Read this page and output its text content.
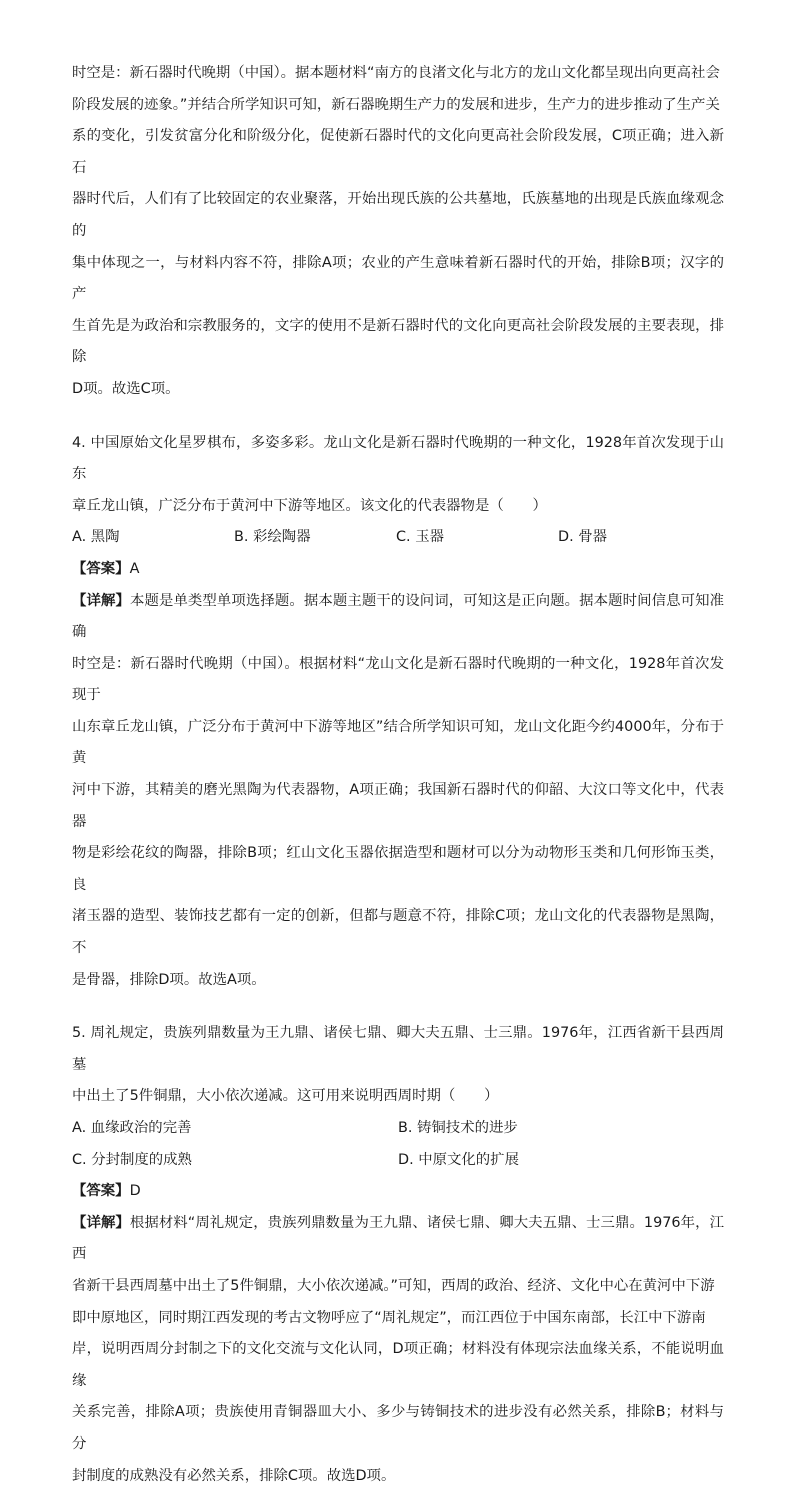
时空是：新石器时代晚期（中国）。据本题材料“南方的良渚文化与北方的龙山文化都呈现出向更高社会

阶段发展的迹象。”并结合所学知识可知，新石器晚期生产力的发展和进步，生产力的进步推动了生产关

系的变化，引发贫富分化和阶级分化，促使新石器时代的文化向更高社会阶段发展，C项正确；进入新石

器时代后，人们有了比较固定的农业聚落，开始出现氏族的公共墓地，氏族墓地的出现是氏族血缘观念的

集中体现之一，与材料内容不符，排除A项；农业的产生意味着新石器时代的开始，排除B项；汉字的产

生首先是为政治和宗教服务的，文字的使用不是新石器时代的文化向更高社会阶段发展的主要表现，排除

D项。故选C项。

4. 中国原始文化星罗棋布，多姿多彩。龙山文化是新石器时代晚期的一种文化，1928年首次发现于山东

章丘龙山镇，广泛分布于黄河中下游等地区。该文化的代表器物是（　　）

A. 黑陶	B. 彩绘陶器	C. 玉器	D. 骨器

【答案】A

【详解】本题是单类型单项选择题。据本题主题干的设问词，可知这是正向题。据本题时间信息可知准确

时空是：新石器时代晚期（中国）。根据材料“龙山文化是新石器时代晚期的一种文化，1928年首次发现于

山东章丘龙山镇，广泛分布于黄河中下游等地区”结合所学知识可知，龙山文化距今约4000年，分布于黄

河中下游，其精美的磨光黑陶为代表器物，A项正确；我国新石器时代的仰韶、大汶口等文化中，代表器

物是彩绘花纹的陶器，排除B项；红山文化玉器依据造型和题材可以分为动物形玉类和几何形饰玉类，良

渚玉器的造型、装饰技艺都有一定的创新，但都与题意不符，排除C项；龙山文化的代表器物是黑陶，不

是骨器，排除D项。故选A项。

5. 周礼规定，贵族列鼎数量为王九鼎、诸侯七鼎、卿大夫五鼎、士三鼎。1976年，江西省新干县西周墓

中出土了5件铜鼎，大小依次递减。这可用来说明西周时期（　　）

A. 血缘政治的完善	B. 铸铜技术的进步
C. 分封制度的成熟	D. 中原文化的扩展

【答案】D

【详解】根据材料“周礼规定，贵族列鼎数量为王九鼎、诸侯七鼎、卿大夫五鼎、士三鼎。1976年，江西

省新干县西周墓中出土了5件铜鼎，大小依次递减。”可知，西周的政治、经济、文化中心在黄河中下游

即中原地区，同时期江西发现的考古文物呼应了“周礼规定”，而江西位于中国东南部，长江中下游南

岸，说明西周分封制之下的文化交流与文化认同，D项正确；材料没有体现宗法血缘关系，不能说明血缘

关系完善，排除A项；贵族使用青铜器皿大小、多少与铸铜技术的进步没有必然关系，排除B；材料与分

封制度的成熟没有必然关系，排除C项。故选D项。
